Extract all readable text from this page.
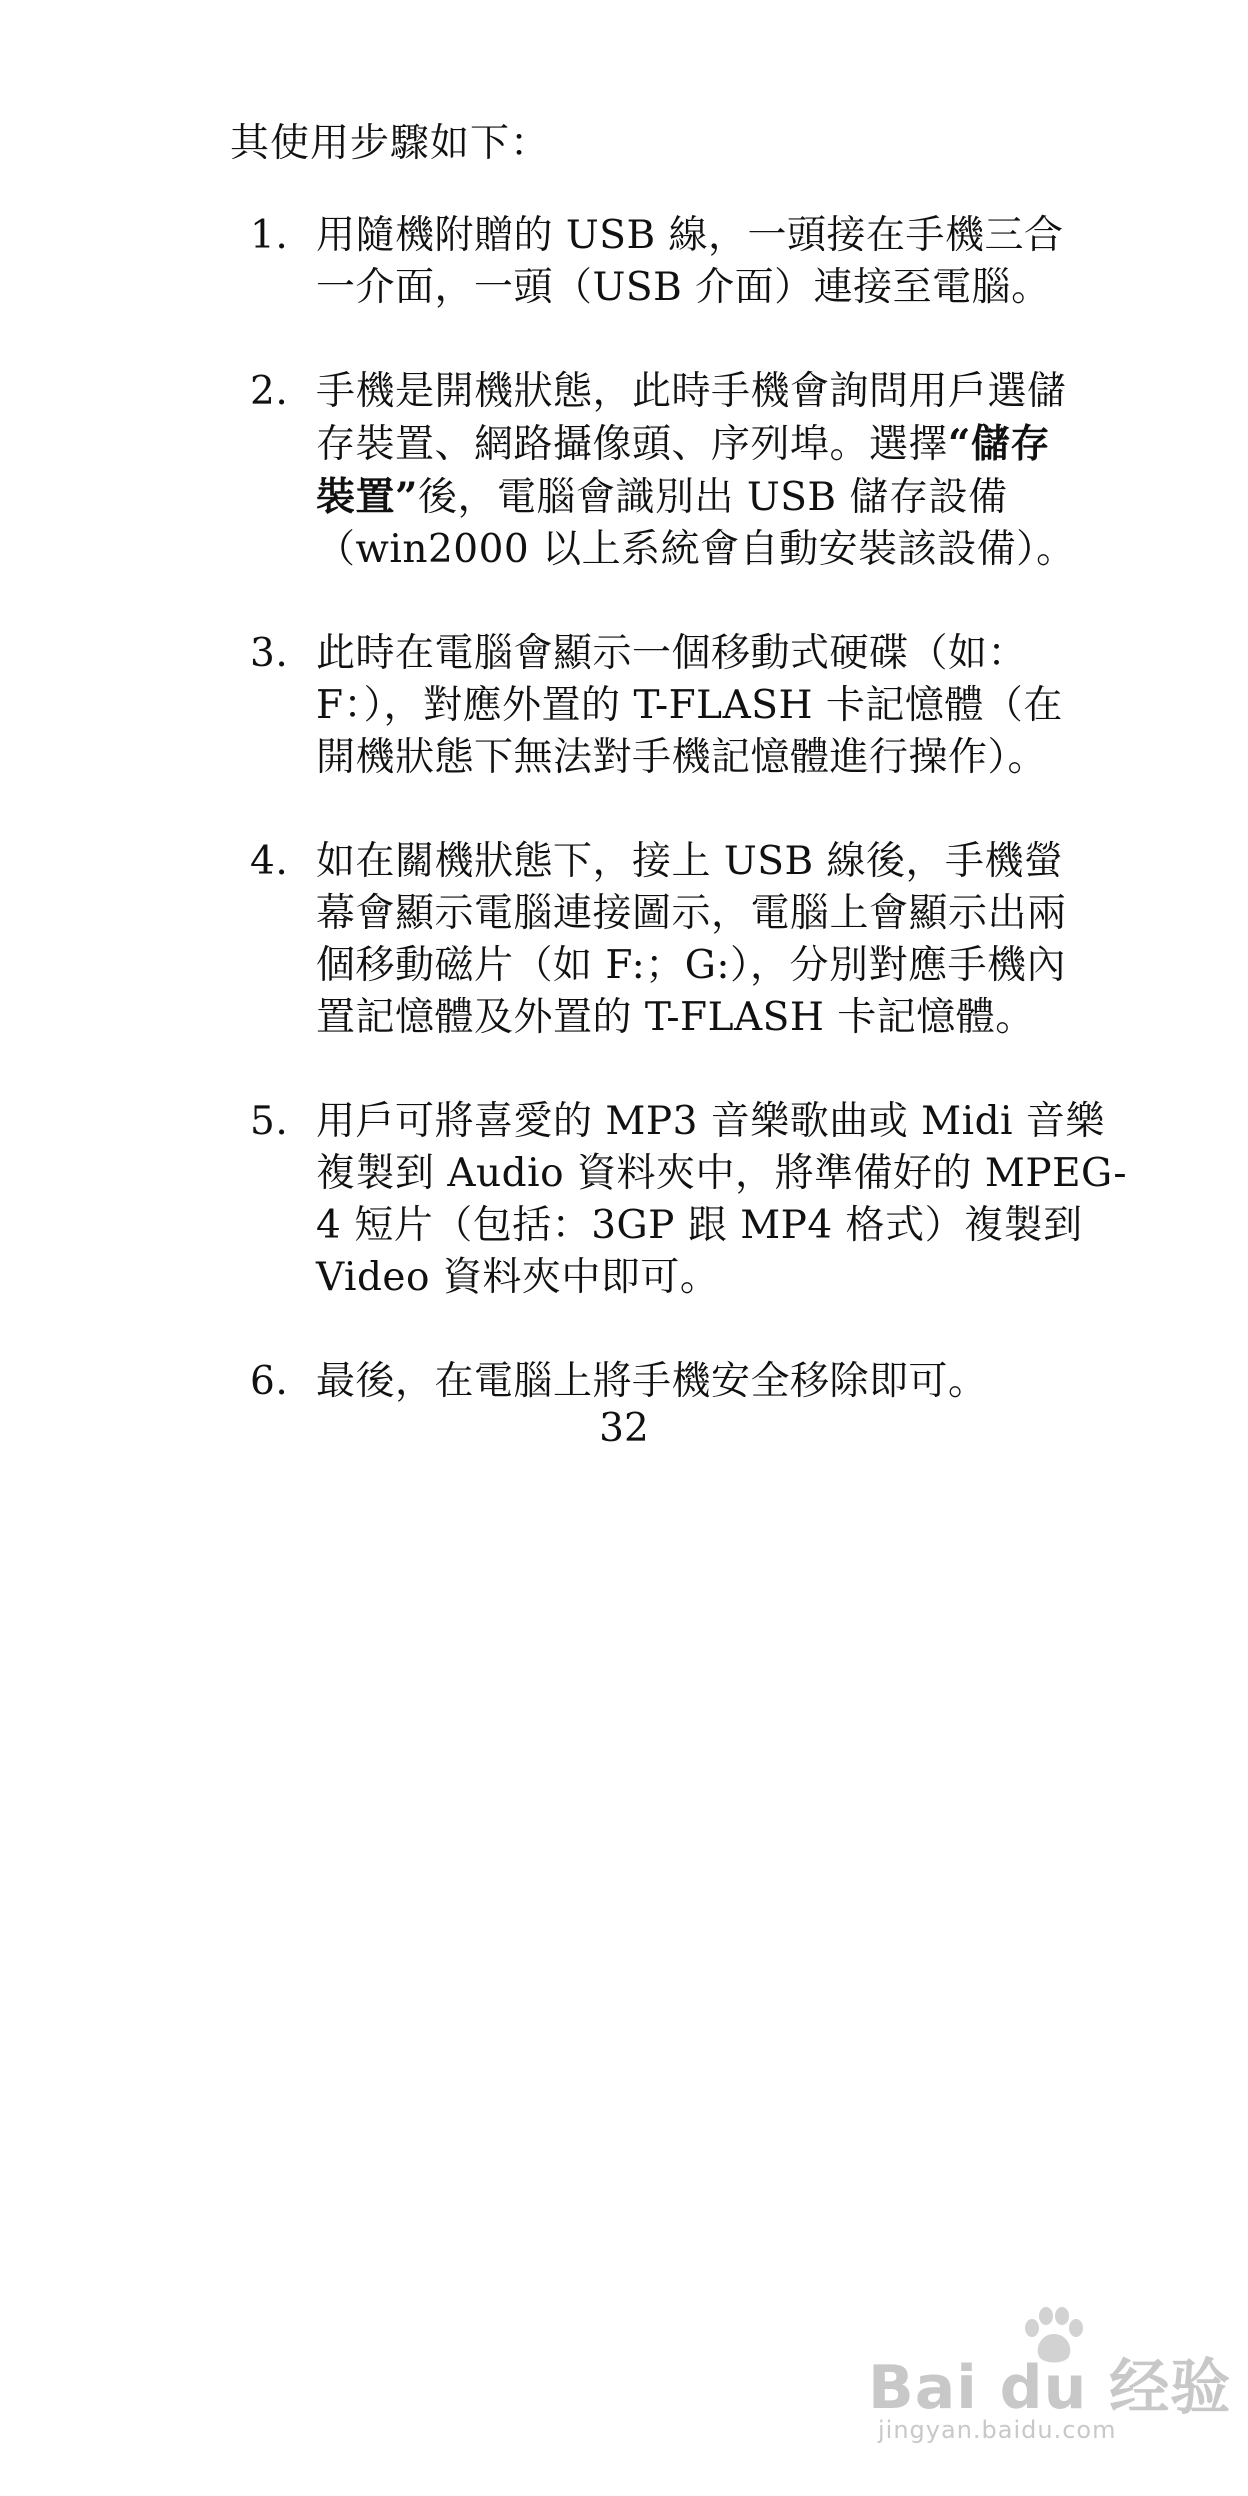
其使用步驟如下：
1. 用隨機附贈的 USB 線，一頭接在手機三合
一介面，一頭（USB 介面）連接至電腦。
2. 手機是開機狀態，此時手機會詢問用戶選儲
存裝置、網路攝像頭、序列埠。選擇“儲存
裝置”後，電腦會識別出 USB 儲存設備
（win2000 以上系統會自動安裝該設備）。
3. 此時在電腦會顯示一個移動式硬碟（如：
F：），對應外置的 T-FLASH 卡記憶體（在
開機狀態下無法對手機記憶體進行操作）。
4. 如在關機狀態下，接上 USB 線後，手機螢
幕會顯示電腦連接圖示，電腦上會顯示出兩
個移動磁片（如 F:；G:），分別對應手機內
置記憶體及外置的 T-FLASH 卡記憶體。
5. 用戶可將喜愛的 MP3 音樂歌曲或 Midi 音樂
複製到 Audio 資料夾中，將準備好的 MPEG-
4 短片（包括：3GP 跟 MP4 格式）複製到
Video 資料夾中即可。
6. 最後，在電腦上將手機安全移除即可。
32
Bai du 经验
jingyan.baidu.com
